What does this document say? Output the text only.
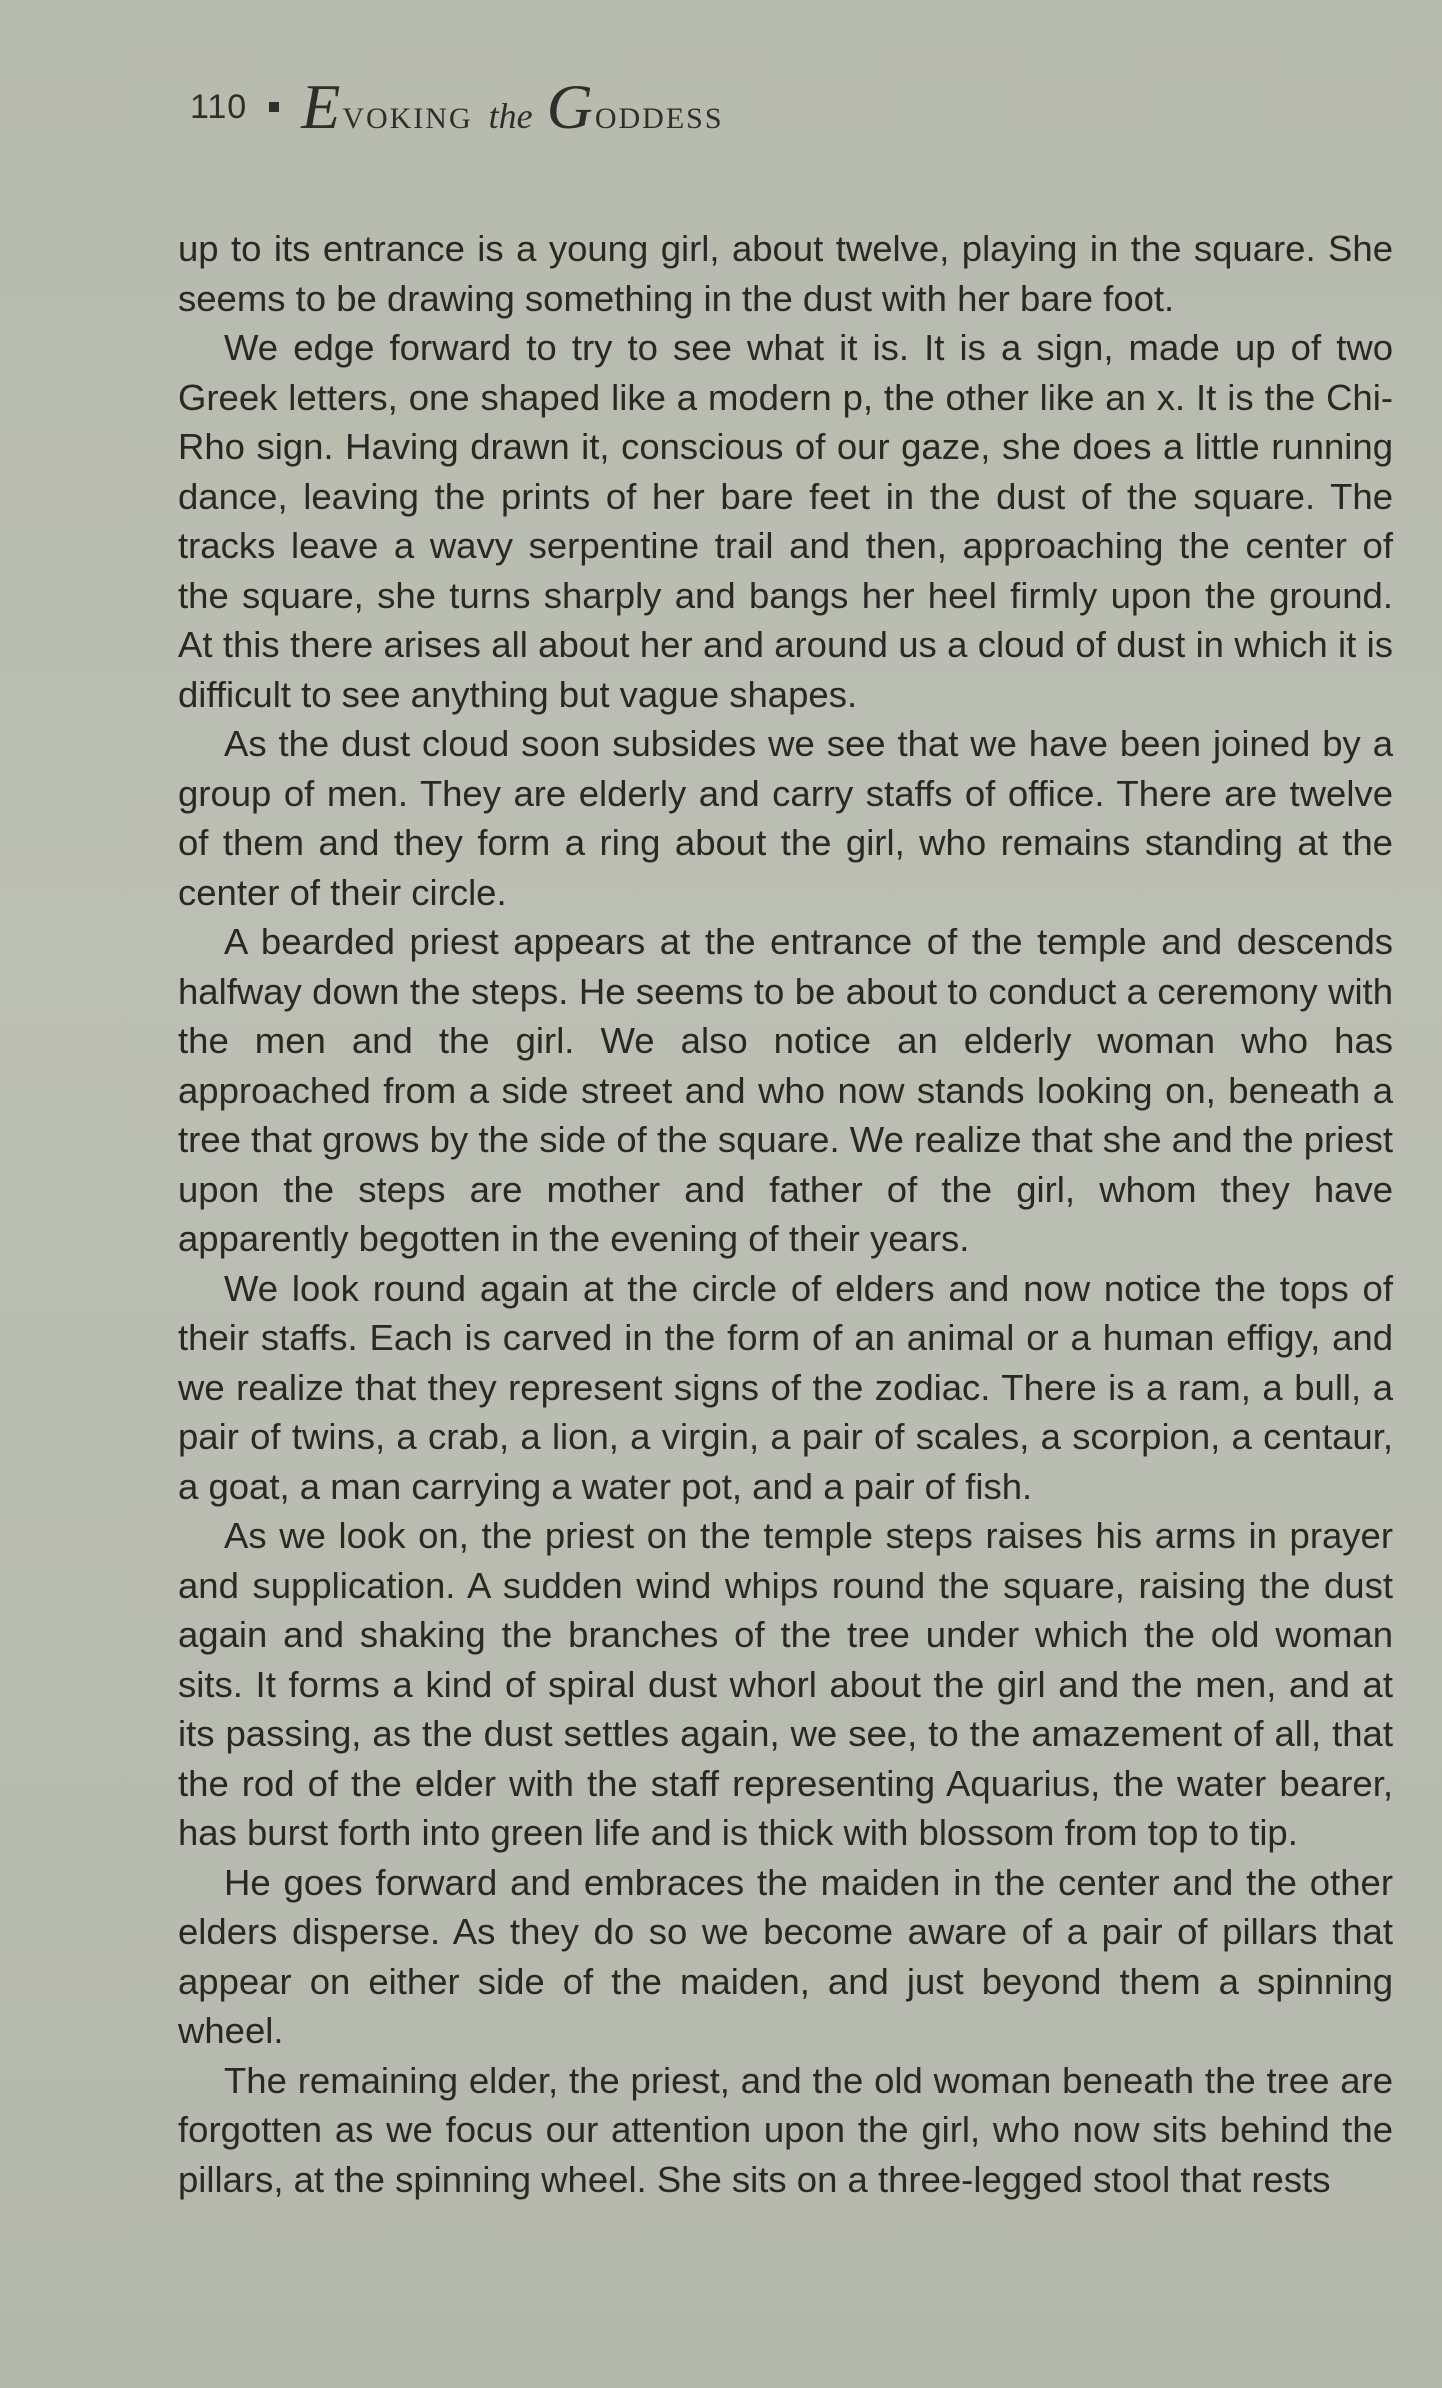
110 E VOKING the G ODDESS

up to its entrance is a young girl, about twelve, playing in the square. She seems to be drawing something in the dust with her bare foot.

We edge forward to try to see what it is. It is a sign, made up of two Greek letters, one shaped like a modern p, the other like an x. It is the Chi-Rho sign. Having drawn it, conscious of our gaze, she does a little running dance, leaving the prints of her bare feet in the dust of the square. The tracks leave a wavy serpentine trail and then, approaching the center of the square, she turns sharply and bangs her heel firmly upon the ground. At this there arises all about her and around us a cloud of dust in which it is difficult to see anything but vague shapes.

As the dust cloud soon subsides we see that we have been joined by a group of men. They are elderly and carry staffs of office. There are twelve of them and they form a ring about the girl, who remains standing at the center of their circle.

A bearded priest appears at the entrance of the temple and descends halfway down the steps. He seems to be about to conduct a ceremony with the men and the girl. We also notice an elderly woman who has approached from a side street and who now stands looking on, beneath a tree that grows by the side of the square. We realize that she and the priest upon the steps are mother and father of the girl, whom they have apparently begotten in the evening of their years.

We look round again at the circle of elders and now notice the tops of their staffs. Each is carved in the form of an animal or a human effigy, and we realize that they represent signs of the zodiac. There is a ram, a bull, a pair of twins, a crab, a lion, a virgin, a pair of scales, a scorpion, a centaur, a goat, a man carrying a water pot, and a pair of fish.

As we look on, the priest on the temple steps raises his arms in prayer and supplication. A sudden wind whips round the square, raising the dust again and shaking the branches of the tree under which the old woman sits. It forms a kind of spiral dust whorl about the girl and the men, and at its passing, as the dust settles again, we see, to the amazement of all, that the rod of the elder with the staff representing Aquarius, the water bearer, has burst forth into green life and is thick with blossom from top to tip.

He goes forward and embraces the maiden in the center and the other elders disperse. As they do so we become aware of a pair of pillars that appear on either side of the maiden, and just beyond them a spinning wheel.

The remaining elder, the priest, and the old woman beneath the tree are forgotten as we focus our attention upon the girl, who now sits behind the pillars, at the spinning wheel. She sits on a three-legged stool that rests
